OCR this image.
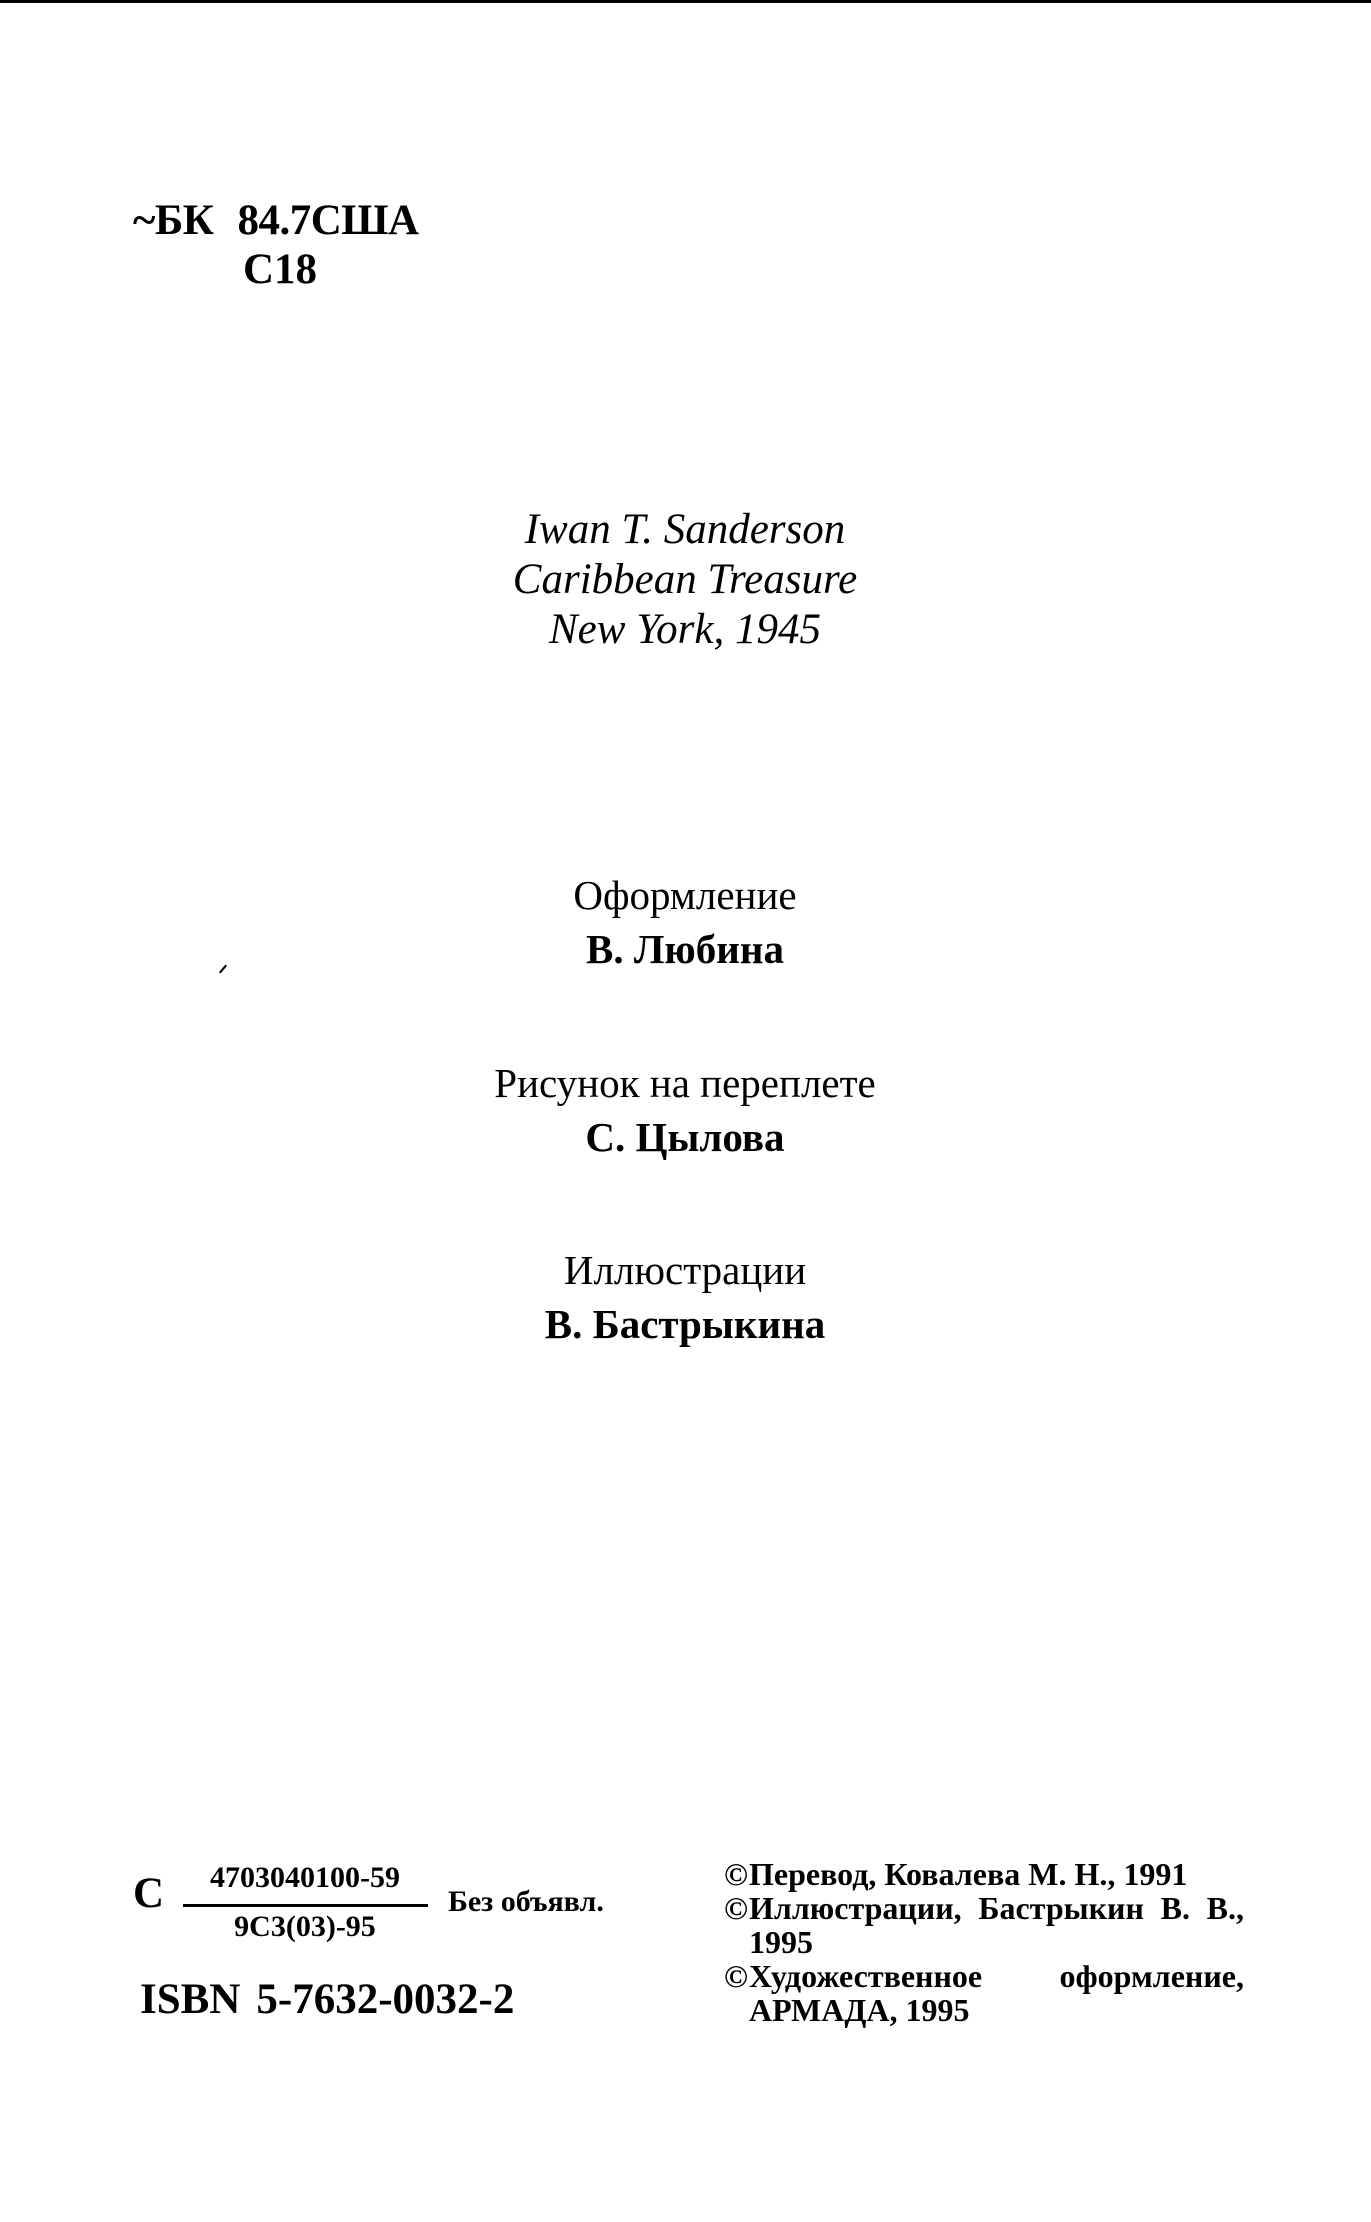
~БК 84.7США
С18
Iwan T. Sanderson
Caribbean Treasure
New York, 1945
Оформление
В. Любина
Рисунок на переплете
С. Цылова
Иллюстрации
В. Бастрыкина
С	4703040100-59
9С3(03)-95
Без объявл.
ISBN 5-7632-0032-2
© Перевод, Ковалева М. Н., 1991
© Иллюстрации, Бастрыкин В. В., 1995
© Художественное оформление, АРМАДА, 1995
